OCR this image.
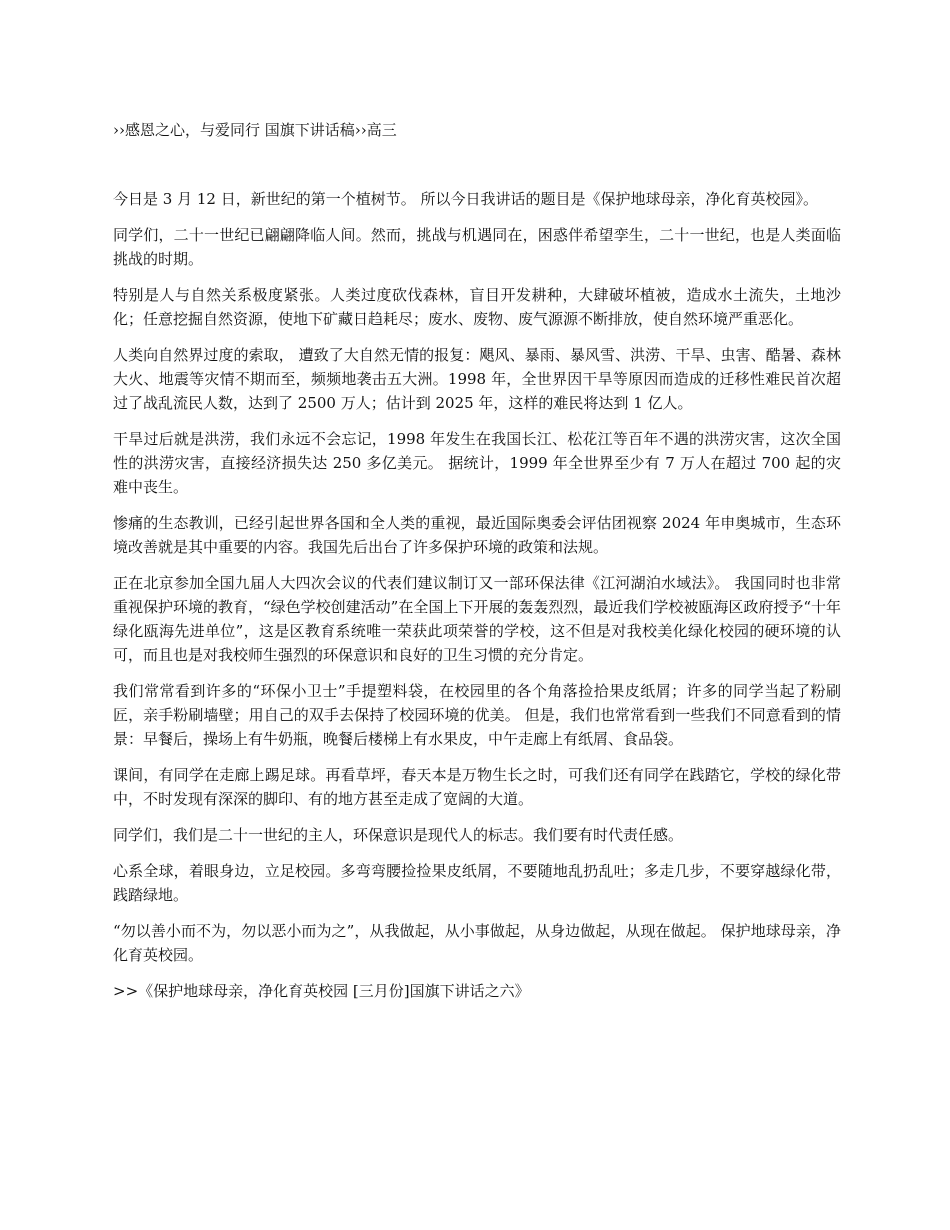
››感恩之心，与爱同行 国旗下讲话稿››高三

今日是 3 月 12 日，新世纪的第一个植树节。 所以今日我讲话的题目是《保护地球母亲，净化育英校园》。

同学们，二十一世纪已翩翩降临人间。然而，挑战与机遇同在，困惑伴希望孪生，二十一世纪，也是人类面临挑战的时期。

特别是人与自然关系极度紧张。人类过度砍伐森林，盲目开发耕种，大肆破坏植被，造成水土流失，土地沙化；任意挖掘自然资源，使地下矿藏日趋耗尽；废水、废物、废气源源不断排放，使自然环境严重恶化。

人类向自然界过度的索取， 遭致了大自然无情的报复：飓风、暴雨、暴风雪、洪涝、干旱、虫害、酷暑、森林大火、地震等灾情不期而至，频频地袭击五大洲。1998 年，全世界因干旱等原因而造成的迁移性难民首次超过了战乱流民人数，达到了 2500 万人；估计到 2025 年，这样的难民将达到 1 亿人。

干旱过后就是洪涝，我们永远不会忘记，1998 年发生在我国长江、松花江等百年不遇的洪涝灾害，这次全国性的洪涝灾害，直接经济损失达 250 多亿美元。 据统计，1999 年全世界至少有 7 万人在超过 700 起的灾难中丧生。

惨痛的生态教训，已经引起世界各国和全人类的重视，最近国际奥委会评估团视察 2024 年申奥城市，生态环境改善就是其中重要的内容。我国先后出台了许多保护环境的政策和法规。

正在北京参加全国九届人大四次会议的代表们建议制订又一部环保法律《江河湖泊水域法》。 我国同时也非常重视保护环境的教育，“绿色学校创建活动”在全国上下开展的轰轰烈烈，最近我们学校被瓯海区政府授予“十年绿化瓯海先进单位”，这是区教育系统唯一荣获此项荣誉的学校，这不但是对我校美化绿化校园的硬环境的认可，而且也是对我校师生强烈的环保意识和良好的卫生习惯的充分肯定。

我们常常看到许多的“环保小卫士”手提塑料袋，在校园里的各个角落捡拾果皮纸屑；许多的同学当起了粉刷匠，亲手粉刷墙壁；用自己的双手去保持了校园环境的优美。 但是，我们也常常看到一些我们不同意看到的情景：早餐后，操场上有牛奶瓶，晚餐后楼梯上有水果皮，中午走廊上有纸屑、食品袋。

课间，有同学在走廊上踢足球。再看草坪，春天本是万物生长之时，可我们还有同学在践踏它，学校的绿化带中，不时发现有深深的脚印、有的地方甚至走成了宽阔的大道。

同学们，我们是二十一世纪的主人，环保意识是现代人的标志。我们要有时代责任感。

心系全球，着眼身边，立足校园。多弯弯腰捡捡果皮纸屑，不要随地乱扔乱吐；多走几步，不要穿越绿化带，践踏绿地。

“勿以善小而不为，勿以恶小而为之”，从我做起，从小事做起，从身边做起，从现在做起。 保护地球母亲，净化育英校园。

>>《保护地球母亲，净化育英校园 [三月份]国旗下讲话之六》
